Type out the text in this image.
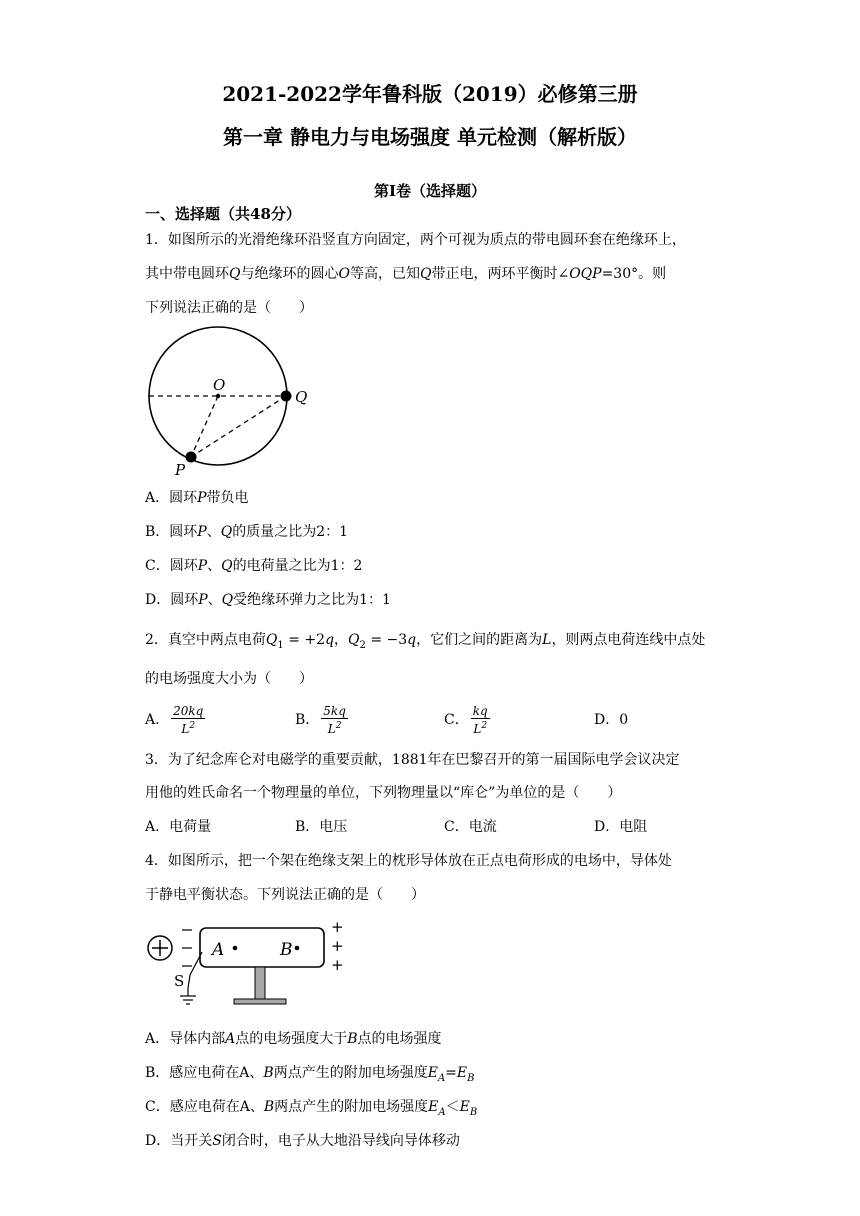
2021-2022学年鲁科版（2019）必修第三册
第一章 静电力与电场强度 单元检测（解析版）
第Ⅰ卷（选择题）
一、选择题（共48分）
1．如图所示的光滑绝缘环沿竖直方向固定，两个可视为质点的带电圆环套在绝缘环上，
其中带电圆环Q与绝缘环的圆心O等高，已知Q带正电，两环平衡时∠OQP=30°。则
下列说法正确的是（　　）
O
Q
P
A．圆环P带负电
B．圆环P、Q的质量之比为2：1
C．圆环P、Q的电荷量之比为1：2
D．圆环P、Q受绝缘环弹力之比为1：1
2．真空中两点电荷$Q_1 = +2q$，$Q_2 = -3q$，它们之间的距离为L，则两点电荷连线中点处
的电场强度大小为（　　）
A． $\frac{20kq}{L^2}$	B． $\frac{5kq}{L^2}$	C． $\frac{kq}{L^2}$	D．0
3．为了纪念库仑对电磁学的重要贡献，1881年在巴黎召开的第一届国际电学会议决定
用他的姓氏命名一个物理量的单位，下列物理量以“库仑”为单位的是（　　）
A．电荷量	B．电压	C．电流	D．电阻
4．如图所示，把一个架在绝缘支架上的枕形导体放在正点电荷形成的电场中，导体处
于静电平衡状态。下列说法正确的是（　　）
A	B
+
+
+
S
A．导体内部A点的电场强度大于B点的电场强度
B．感应电荷在A、B两点产生的附加电场强度$E_A=E_B$
C．感应电荷在A、B两点产生的附加电场强度$E_A<E_B$
D．当开关S闭合时，电子从大地沿导线向导体移动
